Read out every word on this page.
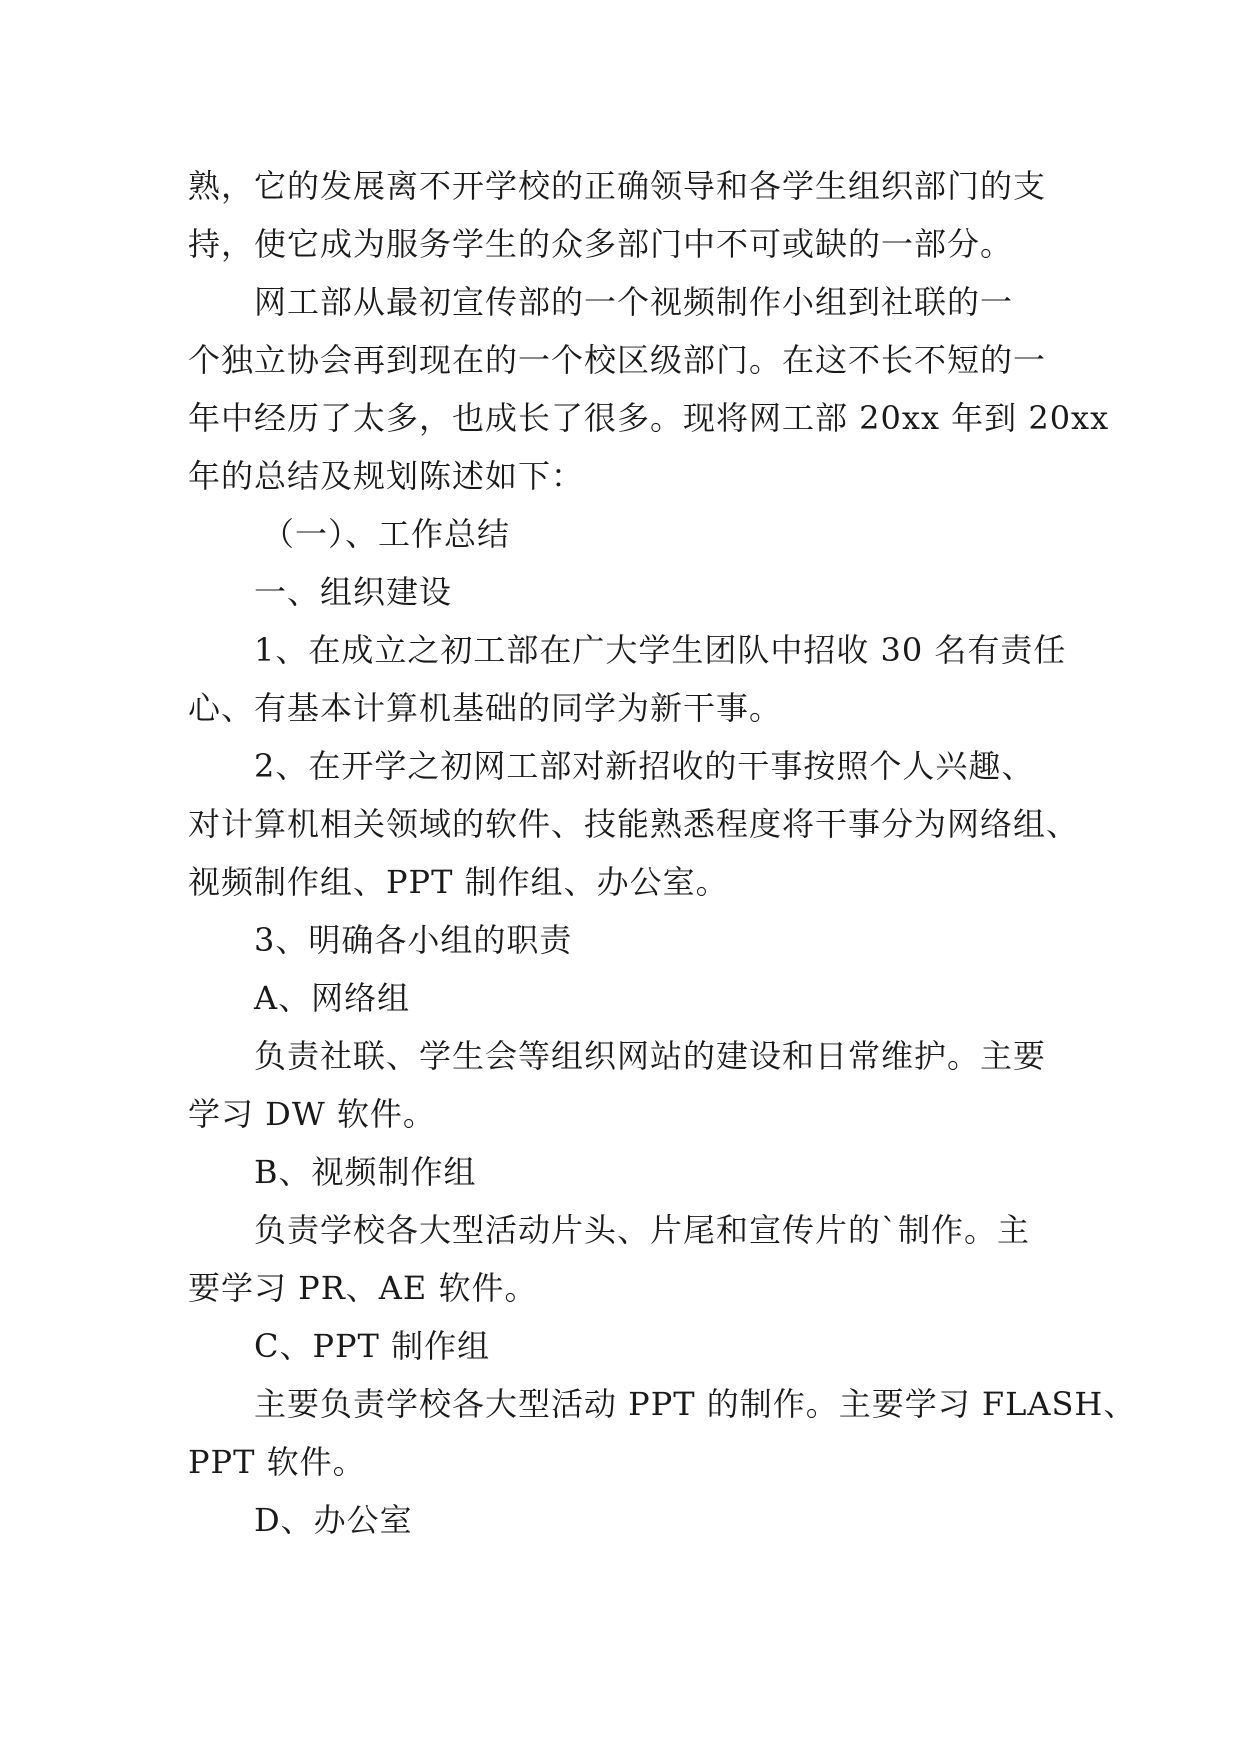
熟，它的发展离不开学校的正确领导和各学生组织部门的支

持，使它成为服务学生的众多部门中不可或缺的一部分。

网工部从最初宣传部的一个视频制作小组到社联的一

个独立协会再到现在的一个校区级部门。在这不长不短的一

年中经历了太多，也成长了很多。现将网工部 20xx 年到 20xx

年的总结及规划陈述如下：

（一）、工作总结

一、组织建设

1、在成立之初工部在广大学生团队中招收 30 名有责任

心、有基本计算机基础的同学为新干事。

2、在开学之初网工部对新招收的干事按照个人兴趣、

对计算机相关领域的软件、技能熟悉程度将干事分为网络组、

视频制作组、PPT 制作组、办公室。

3、明确各小组的职责

A、网络组

负责社联、学生会等组织网站的建设和日常维护。主要

学习 DW 软件。

B、视频制作组

负责学校各大型活动片头、片尾和宣传片的`制作。主

要学习 PR、AE 软件。

C、PPT 制作组

主要负责学校各大型活动 PPT 的制作。主要学习 FLASH、

PPT 软件。

D、办公室
